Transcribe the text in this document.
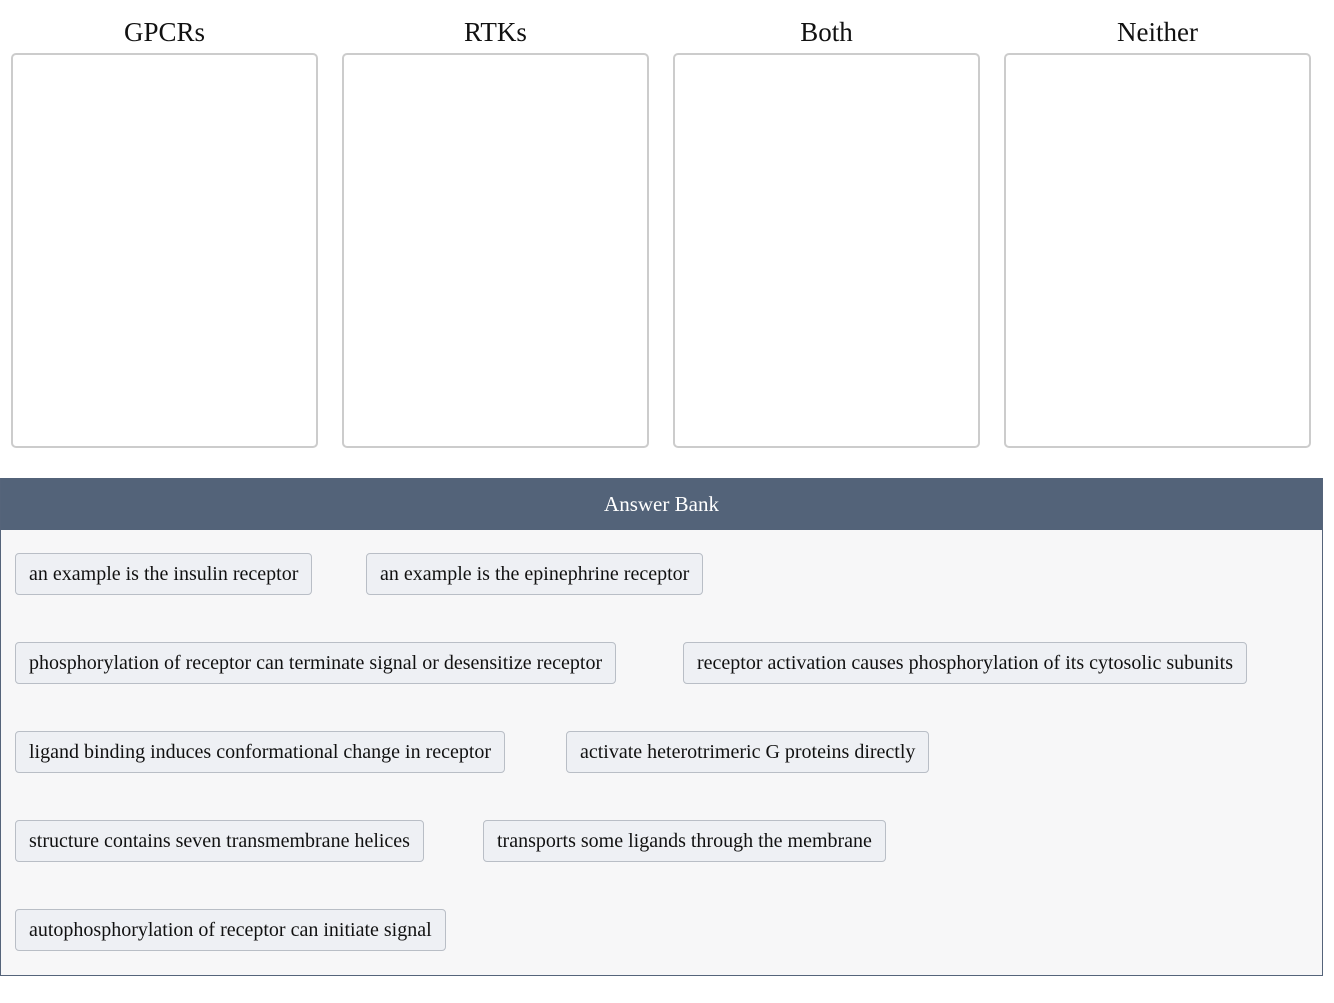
GPCRs	RTKs	Both	Neither
Answer Bank
an example is the insulin receptor	an example is the epinephrine receptor
phosphorylation of receptor can terminate signal or desensitize receptor	receptor activation causes phosphorylation of its cytosolic subunits
ligand binding induces conformational change in receptor	activate heterotrimeric G proteins directly
structure contains seven transmembrane helices	transports some ligands through the membrane
autophosphorylation of receptor can initiate signal
